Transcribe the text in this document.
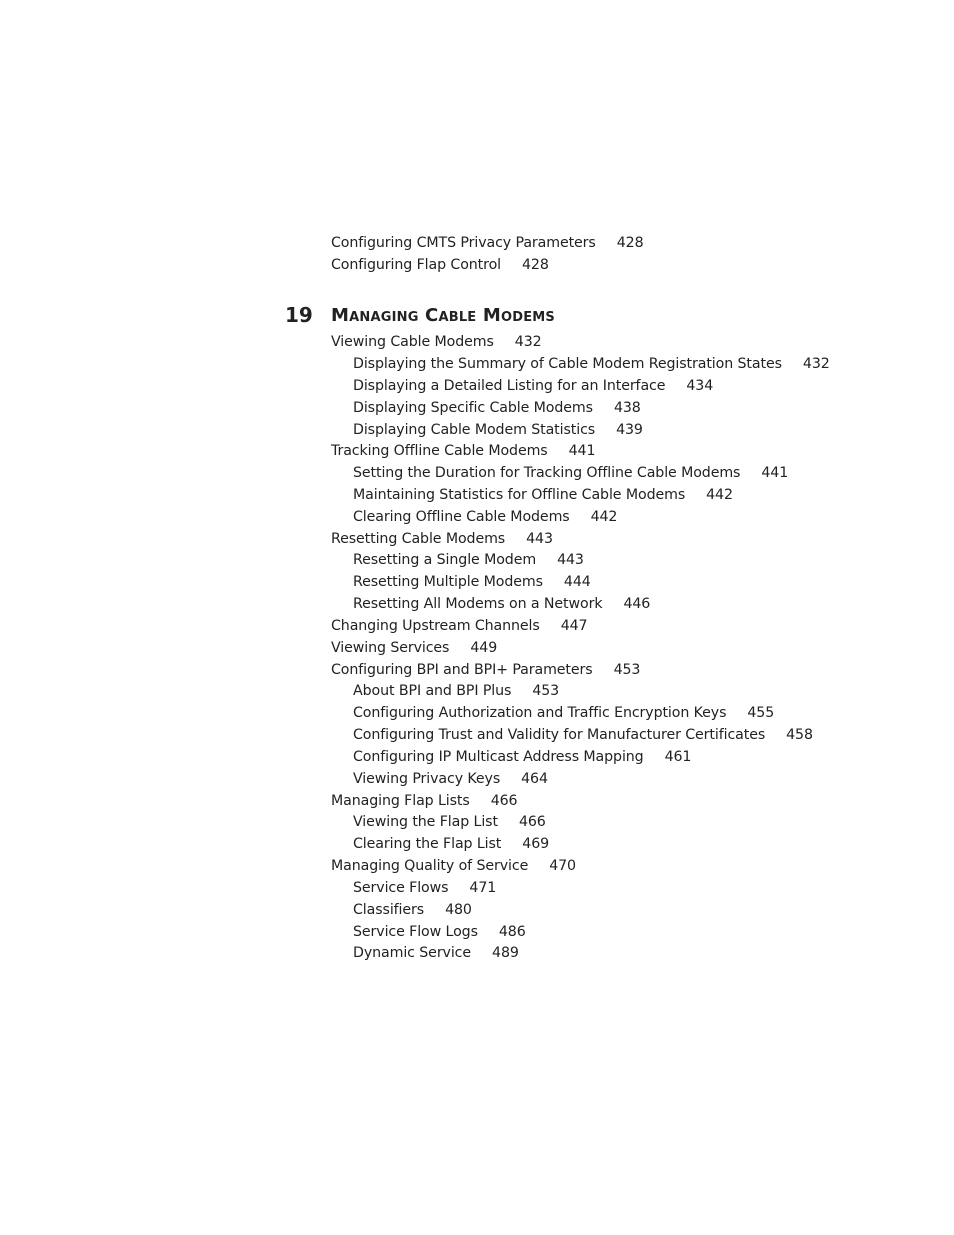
19 Managing Cable Modems
Configuring CMTS Privacy Parameters 428
Configuring Flap Control 428
Viewing Cable Modems 432
Displaying the Summary of Cable Modem Registration States 432
Displaying a Detailed Listing for an Interface 434
Displaying Specific Cable Modems 438
Displaying Cable Modem Statistics 439
Tracking Offline Cable Modems 441
Setting the Duration for Tracking Offline Cable Modems 441
Maintaining Statistics for Offline Cable Modems 442
Clearing Offline Cable Modems 442
Resetting Cable Modems 443
Resetting a Single Modem 443
Resetting Multiple Modems 444
Resetting All Modems on a Network 446
Changing Upstream Channels 447
Viewing Services 449
Configuring BPI and BPI+ Parameters 453
About BPI and BPI Plus 453
Configuring Authorization and Traffic Encryption Keys 455
Configuring Trust and Validity for Manufacturer Certificates 458
Configuring IP Multicast Address Mapping 461
Viewing Privacy Keys 464
Managing Flap Lists 466
Viewing the Flap List 466
Clearing the Flap List 469
Managing Quality of Service 470
Service Flows 471
Classifiers 480
Service Flow Logs 486
Dynamic Service 489
